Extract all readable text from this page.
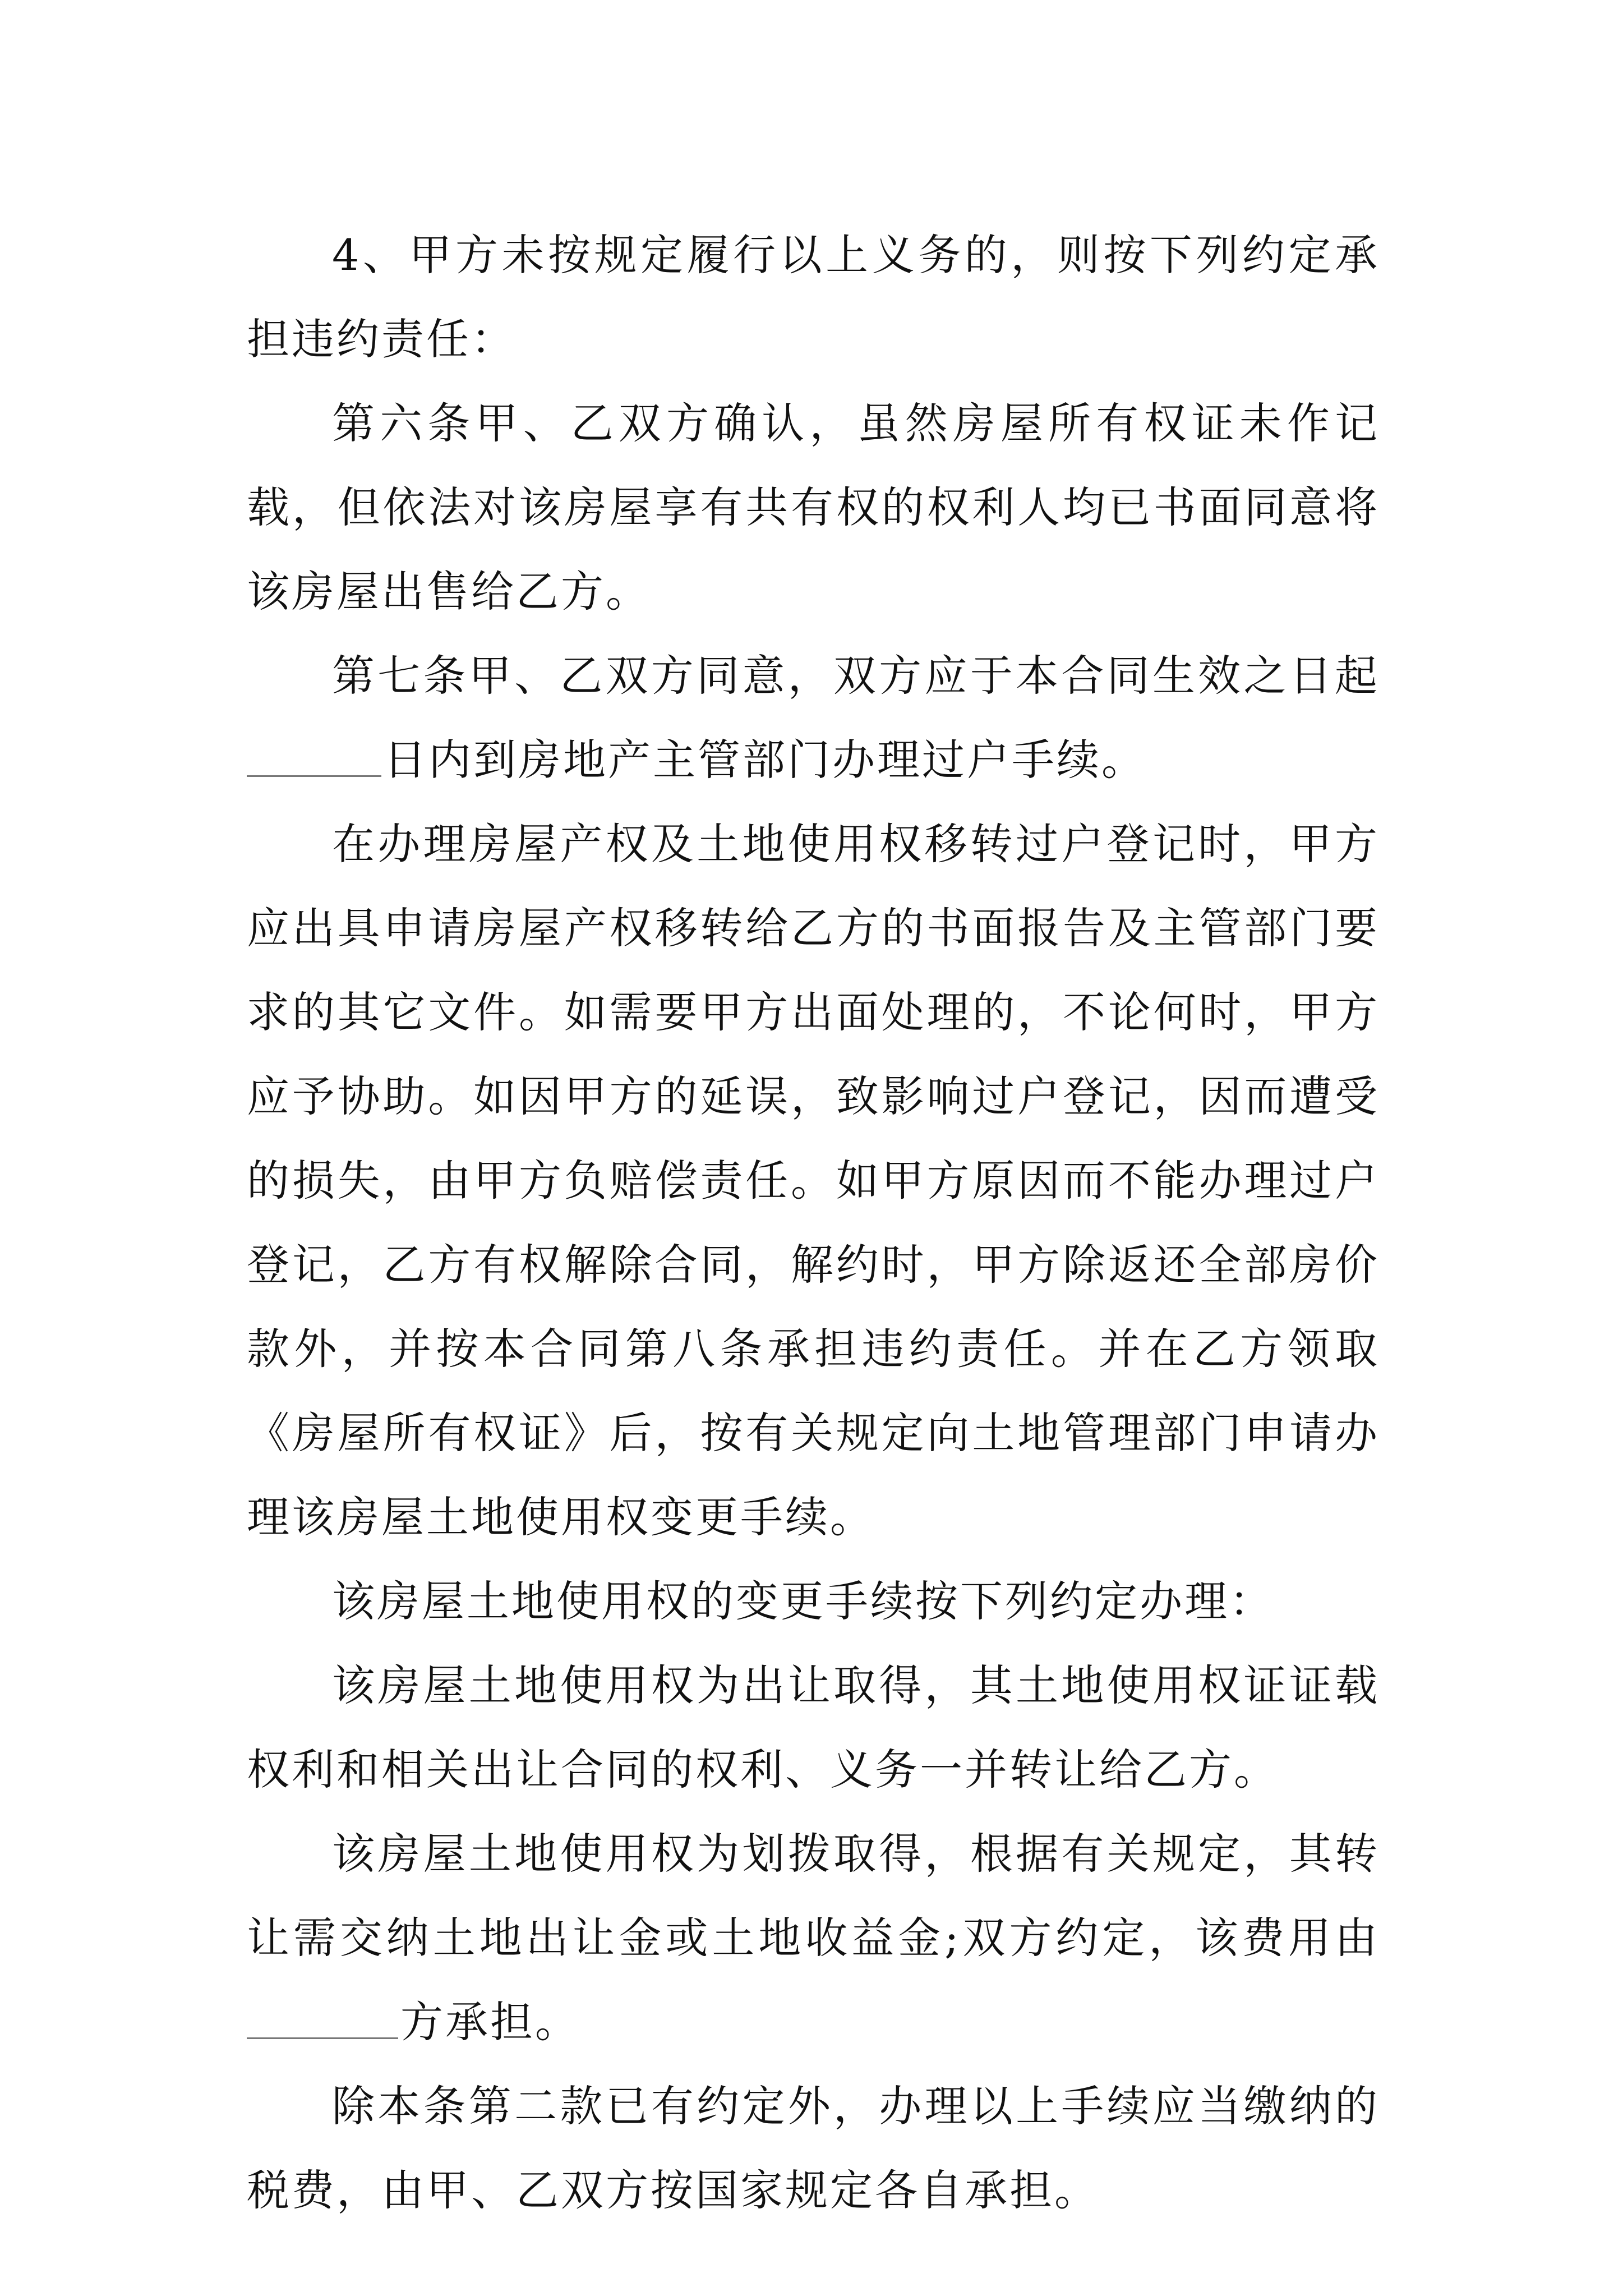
4、甲方未按规定履行以上义务的，则按下列约定承担违约责任：

第六条甲、乙双方确认，虽然房屋所有权证未作记载，但依法对该房屋享有共有权的权利人均已书面同意将该房屋出售给乙方。

第七条甲、乙双方同意，双方应于本合同生效之日起日内到房地产主管部门办理过户手续。

在办理房屋产权及土地使用权移转过户登记时，甲方应出具申请房屋产权移转给乙方的书面报告及主管部门要求的其它文件。如需要甲方出面处理的，不论何时，甲方应予协助。如因甲方的延误，致影响过户登记，因而遭受的损失，由甲方负赔偿责任。如甲方原因而不能办理过户登记，乙方有权解除合同，解约时，甲方除返还全部房价款外，并按本合同第八条承担违约责任。并在乙方领取《房屋所有权证》后，按有关规定向土地管理部门申请办理该房屋土地使用权变更手续。

该房屋土地使用权的变更手续按下列约定办理：

该房屋土地使用权为出让取得，其土地使用权证证载权利和相关出让合同的权利、义务一并转让给乙方。

该房屋土地使用权为划拨取得，根据有关规定，其转让需交纳土地出让金或土地收益金;双方约定，该费用由方承担。

除本条第二款已有约定外，办理以上手续应当缴纳的税费，由甲、乙双方按国家规定各自承担。
